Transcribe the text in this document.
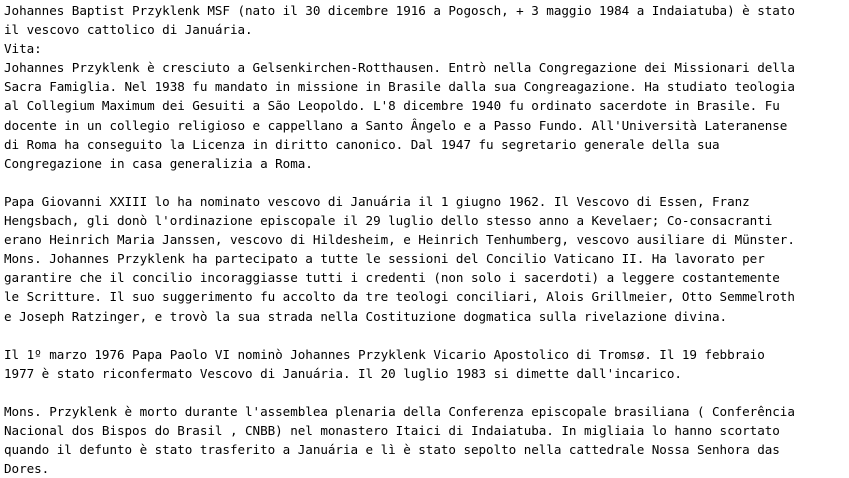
Johannes Baptist Przyklenk MSF (nato il 30 dicembre 1916 a Pogosch, + 3 maggio 1984 a Indaiatuba) è stato
il vescovo cattolico di Januária.
Vita:
Johannes Przyklenk è cresciuto a Gelsenkirchen-Rotthausen. Entrò nella Congregazione dei Missionari della
Sacra Famiglia. Nel 1938 fu mandato in missione in Brasile dalla sua Congreagazione. Ha studiato teologia
al Collegium Maximum dei Gesuiti a São Leopoldo. L'8 dicembre 1940 fu ordinato sacerdote in Brasile. Fu
docente in un collegio religioso e cappellano a Santo Ângelo e a Passo Fundo. All'Università Lateranense
di Roma ha conseguito la Licenza in diritto canonico. Dal 1947 fu segretario generale della sua
Congregazione in casa generalizia a Roma.
Papa Giovanni XXIII lo ha nominato vescovo di Januária il 1 giugno 1962. Il Vescovo di Essen, Franz
Hengsbach, gli donò l'ordinazione episcopale il 29 luglio dello stesso anno a Kevelaer; Co-consacranti
erano Heinrich Maria Janssen, vescovo di Hildesheim, e Heinrich Tenhumberg, vescovo ausiliare di Münster.
Mons. Johannes Przyklenk ha partecipato a tutte le sessioni del Concilio Vaticano II. Ha lavorato per
garantire che il concilio incoraggiasse tutti i credenti (non solo i sacerdoti) a leggere costantemente
le Scritture. Il suo suggerimento fu accolto da tre teologi conciliari, Alois Grillmeier, Otto Semmelroth
e Joseph Ratzinger, e trovò la sua strada nella Costituzione dogmatica sulla rivelazione divina.
Il 1º marzo 1976 Papa Paolo VI nominò Johannes Przyklenk Vicario Apostolico di Tromsø. Il 19 febbraio
1977 è stato riconfermato Vescovo di Januária. Il 20 luglio 1983 si dimette dall'incarico.
Mons. Przyklenk è morto durante l'assemblea plenaria della Conferenza episcopale brasiliana ( Conferência
Nacional dos Bispos do Brasil , CNBB) nel monastero Itaici di Indaiatuba. In migliaia lo hanno scortato
quando il defunto è stato trasferito a Januária e lì è stato sepolto nella cattedrale Nossa Senhora das
Dores.
